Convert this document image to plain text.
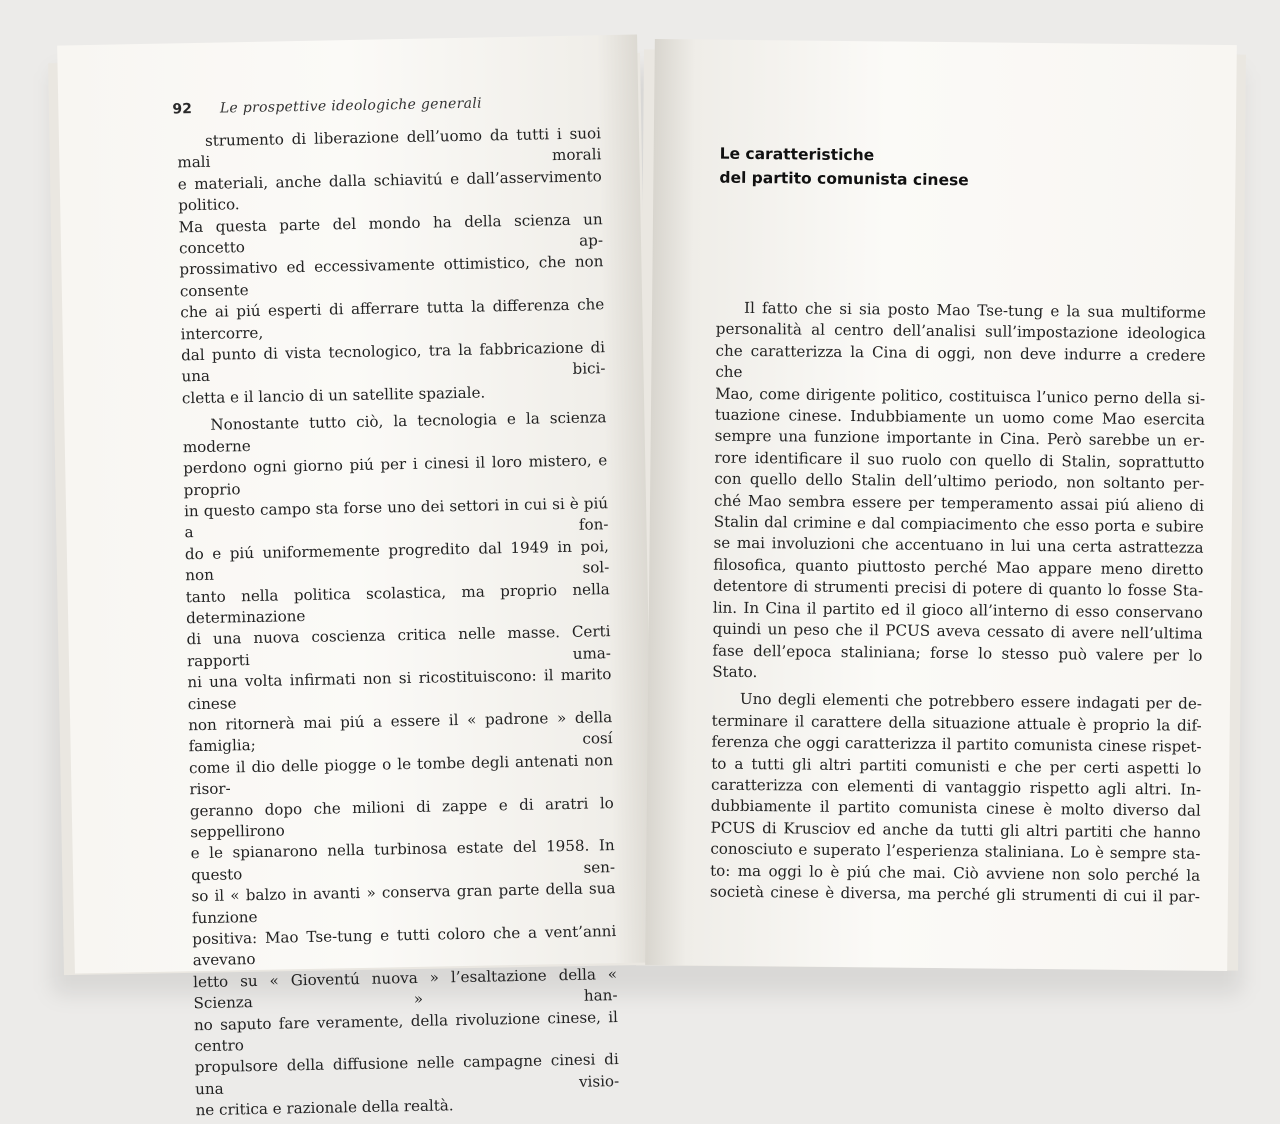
92 Le prospettive ideologiche generali

strumento di liberazione dell’uomo da tutti i suoi mali morali

e materiali, anche dalla schiavitú e dall’asservimento politico.

Ma questa parte del mondo ha della scienza un concetto ap-

prossimativo ed eccessivamente ottimistico, che non consente

che ai piú esperti di afferrare tutta la differenza che intercorre,

dal punto di vista tecnologico, tra la fabbricazione di una bici-

cletta e il lancio di un satellite spaziale.

Nonostante tutto ciò, la tecnologia e la scienza moderne

perdono ogni giorno piú per i cinesi il loro mistero, e proprio

in questo campo sta forse uno dei settori in cui si è piú a fon-

do e piú uniformemente progredito dal 1949 in poi, non sol-

tanto nella politica scolastica, ma proprio nella determinazione

di una nuova coscienza critica nelle masse. Certi rapporti uma-

ni una volta infirmati non si ricostituiscono: il marito cinese

non ritornerà mai piú a essere il « padrone » della famiglia; cosí

come il dio delle piogge o le tombe degli antenati non risor-

geranno dopo che milioni di zappe e di aratri lo seppellirono

e le spianarono nella turbinosa estate del 1958. In questo sen-

so il « balzo in avanti » conserva gran parte della sua funzione

positiva: Mao Tse-tung e tutti coloro che a vent’anni avevano

letto su « Gioventú nuova » l’esaltazione della « Scienza » han-

no saputo fare veramente, della rivoluzione cinese, il centro

propulsore della diffusione nelle campagne cinesi di una visio-

ne critica e razionale della realtà.

Le caratteristiche

del partito comunista cinese

Il fatto che si sia posto Mao Tse-tung e la sua multiforme

personalità al centro dell’analisi sull’impostazione ideologica

che caratterizza la Cina di oggi, non deve indurre a credere che

Mao, come dirigente politico, costituisca l’unico perno della si-

tuazione cinese. Indubbiamente un uomo come Mao esercita

sempre una funzione importante in Cina. Però sarebbe un er-

rore identificare il suo ruolo con quello di Stalin, soprattutto

con quello dello Stalin dell’ultimo periodo, non soltanto per-

ché Mao sembra essere per temperamento assai piú alieno di

Stalin dal crimine e dal compiacimento che esso porta e subire

se mai involuzioni che accentuano in lui una certa astrattezza

filosofica, quanto piuttosto perché Mao appare meno diretto

detentore di strumenti precisi di potere di quanto lo fosse Sta-

lin. In Cina il partito ed il gioco all’interno di esso conservano

quindi un peso che il PCUS aveva cessato di avere nell’ultima

fase dell’epoca staliniana; forse lo stesso può valere per lo

Stato.

Uno degli elementi che potrebbero essere indagati per de-

terminare il carattere della situazione attuale è proprio la dif-

ferenza che oggi caratterizza il partito comunista cinese rispet-

to a tutti gli altri partiti comunisti e che per certi aspetti lo

caratterizza con elementi di vantaggio rispetto agli altri. In-

dubbiamente il partito comunista cinese è molto diverso dal

PCUS di Krusciov ed anche da tutti gli altri partiti che hanno

conosciuto e superato l’esperienza staliniana. Lo è sempre sta-

to: ma oggi lo è piú che mai. Ciò avviene non solo perché la

società cinese è diversa, ma perché gli strumenti di cui il par-
